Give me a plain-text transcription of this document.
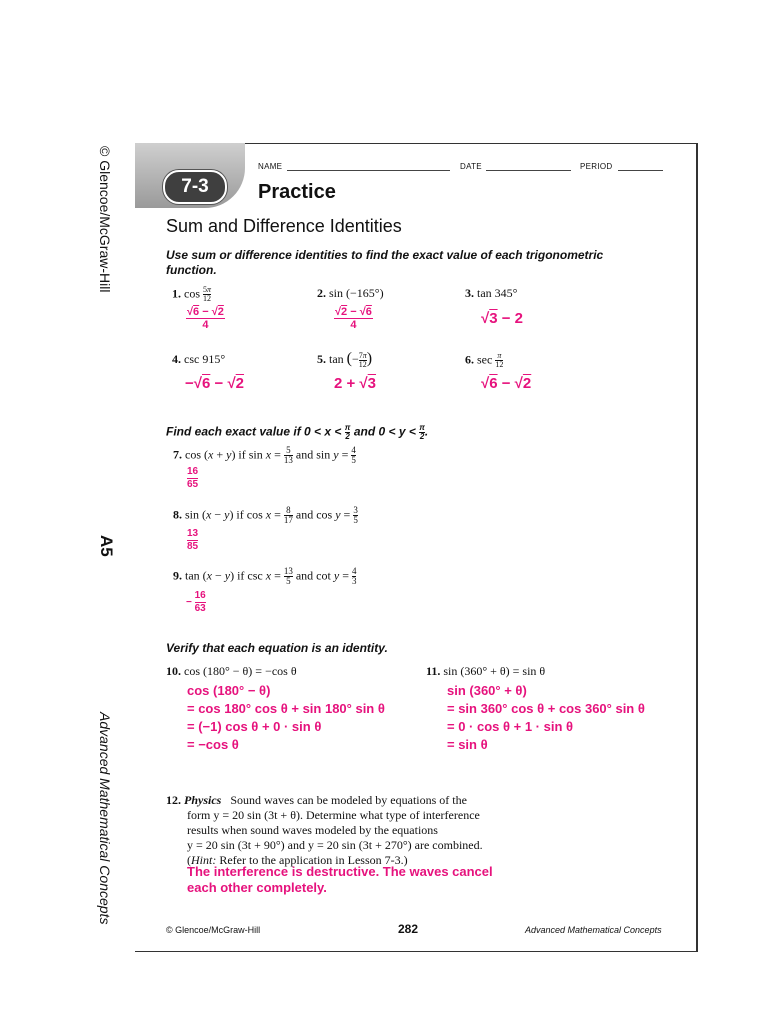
© Glencoe/McGraw-Hill
A5
Advanced Mathematical Concepts
7-3
NAME	DATE	PERIOD
Practice
Sum and Difference Identities
Use sum or difference identities to find the exact value of each trigonometric function.
1. $\cos \frac{5\pi}{12}$
√6 − √2
4
2. sin (−165°)
√2 − √6
4
3. tan 345°
√3 − 2
4. csc 915°
−√6 − √2
5. tan (− $\frac{7\pi}{12}$ )
2 + √3
6. $\sec \frac{\pi}{12}$
√6 − √2
Find each exact value if $0 < x < \frac{\pi}{2}$ and $0 < y < \frac{\pi}{2}$ .
7. cos (x + y) if $\sin x = \frac{5}{13}$ and $\sin y = \frac{4}{5}$
16
65
8. sin (x − y) if $\cos x = \frac{8}{17}$ and $\cos y = \frac{3}{5}$
13
85
9. tan (x − y) if $\csc x = \frac{13}{5}$ and $\cot y = \frac{4}{3}$
− $\frac{16}{63}$
Verify that each equation is an identity.
10. cos (180° − θ) = −cos θ
cos (180° − θ)
= cos 180° cos θ + sin 180° sin θ
= (−1) cos θ + 0 · sin θ
= −cos θ
11. sin (360° + θ) = sin θ
sin (360° + θ)
= sin 360° cos θ + cos 360° sin θ
= 0 · cos θ + 1 · sin θ
= sin θ
12. Physics Sound waves can be modeled by equations of the
form y = 20 sin (3t + θ). Determine what type of interference
results when sound waves modeled by the equations
y = 20 sin (3t + 90°) and y = 20 sin (3t + 270°) are combined.
(Hint: Refer to the application in Lesson 7-3.)
The interference is destructive. The waves cancel
each other completely.
© Glencoe/McGraw-Hill	282	Advanced Mathematical Concepts
